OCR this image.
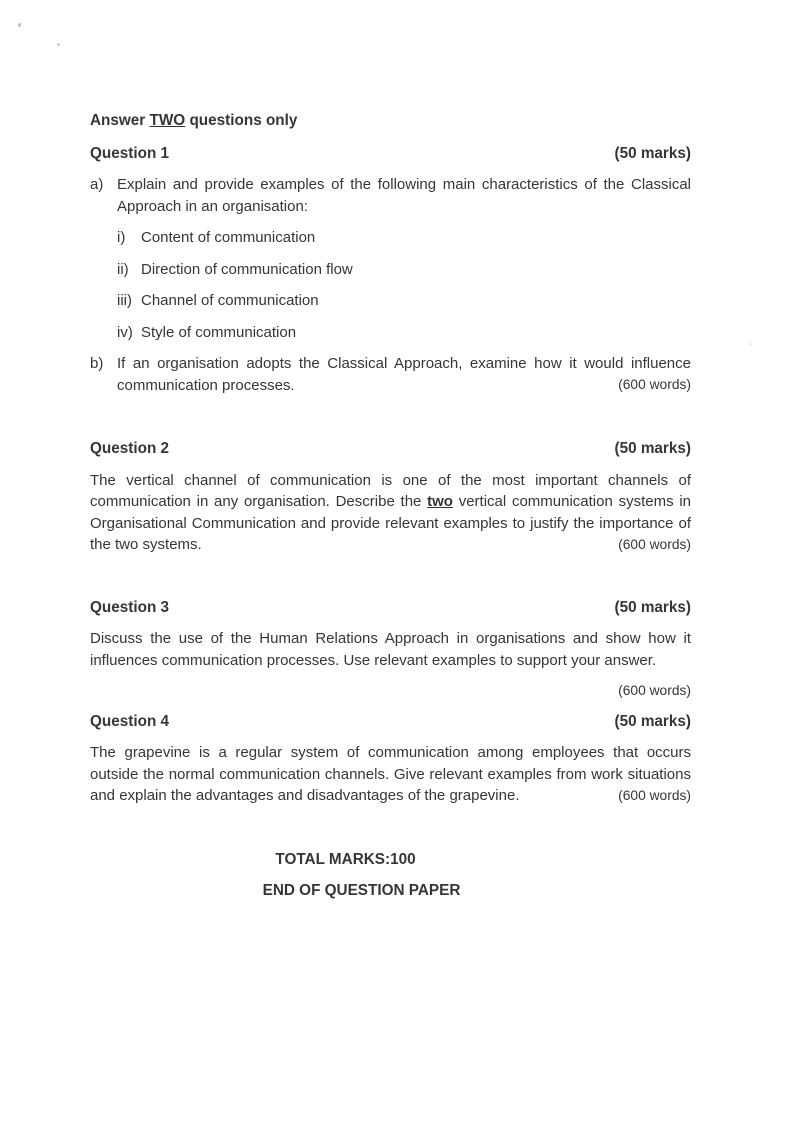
Answer TWO questions only

Question 1	(50 marks)
a) Explain and provide examples of the following main characteristics of the Classical Approach in an organisation:

i) Content of communication

ii) Direction of communication flow

iii) Channel of communication

iv) Style of communication

b) If an organisation adopts the Classical Approach, examine how it would influence communication processes.	(600 words)
Question 2	(50 marks)

The vertical channel of communication is one of the most important channels of communication in any organisation. Describe the two vertical communication systems in Organisational Communication and provide relevant examples to justify the importance of the two systems.	(600 words)
Question 3	(50 marks)

Discuss the use of the Human Relations Approach in organisations and show how it influences communication processes. Use relevant examples to support your answer.

(600 words)

Question 4	(50 marks)

The grapevine is a regular system of communication among employees that occurs outside the normal communication channels. Give relevant examples from work situations and explain the advantages and disadvantages of the grapevine.	(600 words)

TOTAL MARKS:100

END OF QUESTION PAPER
